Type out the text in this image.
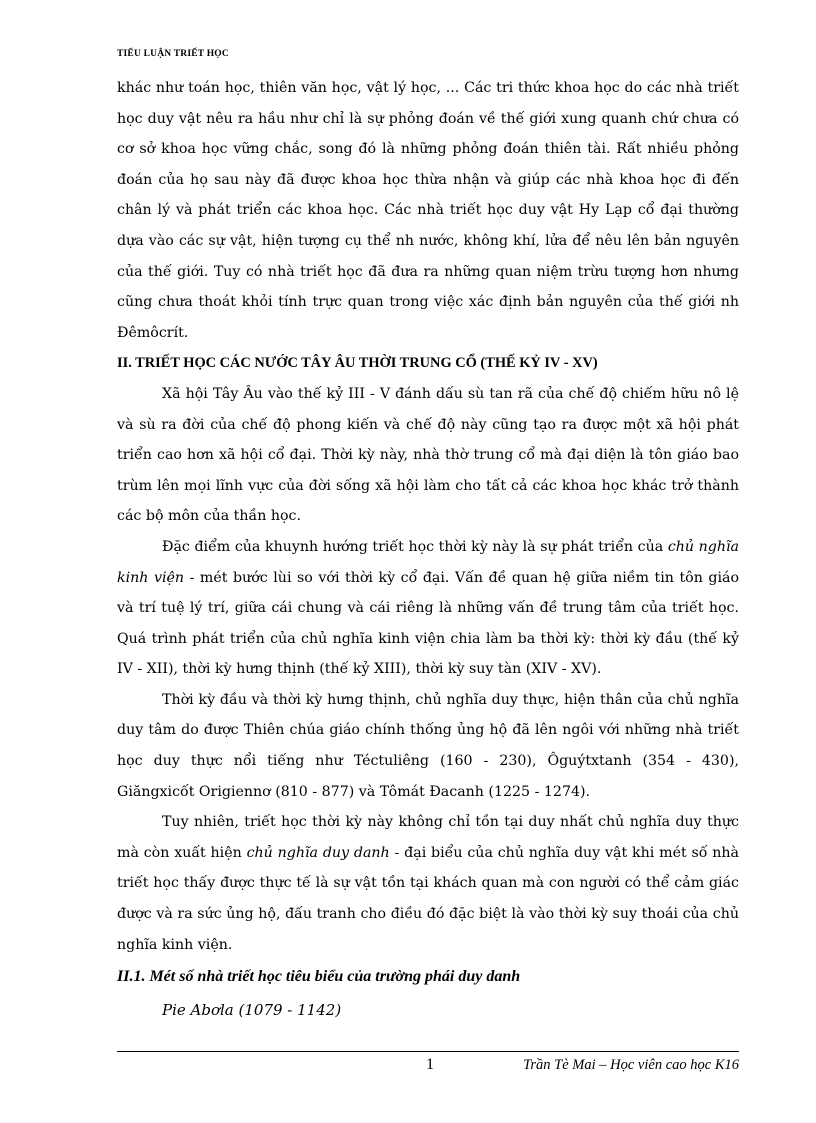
TIỂU LUẬN TRIẾT HỌC
khác như toán học, thiên văn học, vật lý học, ... Các tri thức khoa học do các nhà triết
học duy vật nêu ra hầu như chỉ là sự phỏng đoán về thế giới xung quanh chứ chưa có
cơ sở khoa học vững chắc, song đó là những phỏng đoán thiên tài. Rất nhiều phỏng
đoán của họ sau này đã được khoa học thừa nhận và giúp các nhà khoa học đi đến
chân lý và phát triển các khoa học. Các nhà triết học duy vật Hy Lạp cổ đại thường
dựa vào các sự vật, hiện tượng cụ thể nh nước, không khí, lửa để nêu lên bản nguyên
của thế giới. Tuy có nhà triết học đã đưa ra những quan niệm trừu tượng hơn nhưng
cũng chưa thoát khỏi tính trực quan trong việc xác định bản nguyên của thế giới nh
Đêmôcrít.
II. TRIẾT HỌC CÁC NƯỚC TÂY ÂU THỜI TRUNG CỔ (THẾ KỶ IV - XV)
Xã hội Tây Âu vào thế kỷ III - V đánh dấu sù tan rã của chế độ chiếm hữu nô lệ
và sù ra đời của chế độ phong kiến và chế độ này cũng tạo ra được một xã hội phát
triển cao hơn xã hội cổ đại. Thời kỳ này, nhà thờ trung cổ mà đại diện là tôn giáo bao
trùm lên mọi lĩnh vực của đời sống xã hội làm cho tất cả các khoa học khác trở thành
các bộ môn của thần học.
Đặc điểm của khuynh hướng triết học thời kỳ này là sự phát triển của chủ nghĩa
kinh viện - mét bước lùi so với thời kỳ cổ đại. Vấn đề quan hệ giữa niềm tin tôn giáo
và trí tuệ lý trí, giữa cái chung và cái riêng là những vấn đề trung tâm của triết học.
Quá trình phát triển của chủ nghĩa kinh viện chia làm ba thời kỳ: thời kỳ đầu (thế kỷ
IV - XII), thời kỳ hưng thịnh (thế kỷ XIII), thời kỳ suy tàn (XIV - XV).
Thời kỳ đầu và thời kỳ hưng thịnh, chủ nghĩa duy thực, hiện thân của chủ nghĩa
duy tâm do được Thiên chúa giáo chính thống ủng hộ đã lên ngôi với những nhà triết
học duy thực nổi tiếng như Téctuliêng (160 - 230), Ôguýtxtanh (354 - 430),
Giăngxicốt Origiennơ (810 - 877) và Tômát Đacanh (1225 - 1274).
Tuy nhiên, triết học thời kỳ này không chỉ tồn tại duy nhất chủ nghĩa duy thực
mà còn xuất hiện chủ nghĩa duy danh - đại biểu của chủ nghĩa duy vật khi mét số nhà
triết học thấy được thực tế là sự vật tồn tại khách quan mà con người có thể cảm giác
được và ra sức ủng hộ, đấu tranh cho điều đó đặc biệt là vào thời kỳ suy thoái của chủ
nghĩa kinh viện.
II.1. Mét số nhà triết học tiêu biểu của trường phái duy danh
Pie Abơla (1079 - 1142)
1	Trần Tè Mai – Học viên cao học K16
